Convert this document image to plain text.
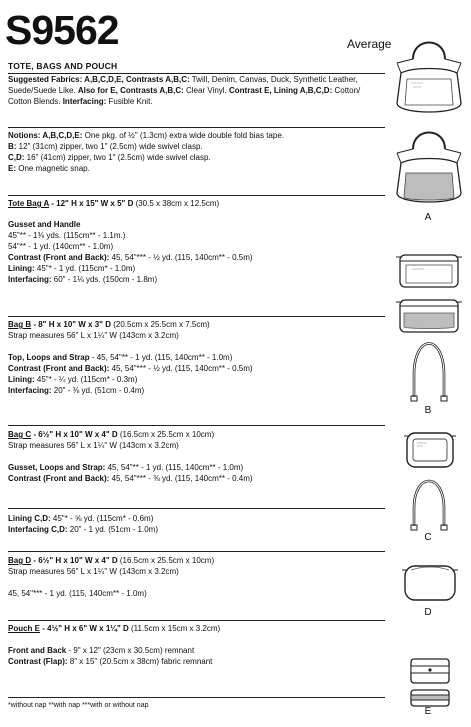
S9562	Average
TOTE, BAGS AND POUCH
Suggested Fabrics: A,B,C,D,E, Contrasts A,B,C: Twill, Denim, Canvas, Duck, Synthetic Leather,
Suede/Suede Like. Also for E, Contrasts A,B,C: Clear Vinyl. Contrast E, Lining A,B,C,D: Cotton/
Cotton Blends. Interfacing: Fusible Knit.
Notions: A,B,C,D,E: One pkg. of ½" (1.3cm) extra wide double fold bias tape.
B: 12" (31cm) zipper, two 1" (2.5cm) wide swivel clasp.
C,D: 16" (41cm) zipper, two 1" (2.5cm) wide swivel clasp.
E: One magnetic snap.
Tote Bag A - 12" H x 15" W x 5" D (30.5 x 38cm x 12.5cm)
Gusset and Handle
45"** - 1⅜ yds. (115cm** - 1.1m.)
54"** - 1 yd. (140cm** - 1.0m)
Contrast (Front and Back): 45, 54"*** - ½ yd. (115, 140cm** - 0.5m)
Lining: 45"* - 1 yd. (115cm* - 1.0m)
Interfacing: 60" - 1⅛ yds. (150cm - 1.8m)
Bag B - 8" H x 10" W x 3" D (20.5cm x 25.5cm x 7.5cm)
Strap measures 56" L x 1¼" W (143cm x 3.2cm)
Top, Loops and Strap - 45, 54"** - 1 yd. (115, 140cm** - 1.0m)
Contrast (Front and Back): 45, 54"*** - ½ yd. (115, 140cm** - 0.5m)
Lining: 45"* - ¼ yd. (115cm* - 0.3m)
Interfacing: 20" - ⅜ yd. (51cm - 0.4m)
Bag C - 6½" H x 10" W x 4" D (16.5cm x 25.5cm x 10cm)
Strap measures 56" L x 1¼" W (143cm x 3.2cm)
Gusset, Loops and Strap: 45, 54"** - 1 yd. (115, 140cm** - 1.0m)
Contrast (Front and Back): 45, 54"*** - ⅜ yd. (115, 140cm** - 0.4m)
Lining C,D: 45"* - ⅝ yd. (115cm* - 0.6m)
Interfacing C,D: 20" - 1 yd. (51cm - 1.0m)
Bag D - 6½" H x 10" W x 4" D (16.5cm x 25.5cm x 10cm)
Strap measures 56" L x 1¼" W (143cm x 3.2cm)
45, 54"*** - 1 yd. (115, 140cm** - 1.0m)
Pouch E - 4½" H x 6" W x 1¼" D (11.5cm x 15cm x 3.2cm)
Front and Back - 9" x 12" (23cm x 30.5cm) remnant
Contrast (Flap): 8" x 15" (20.5cm x 38cm) fabric remnant
*without nap **with nap ***with or without nap
A
B
C
D
E
